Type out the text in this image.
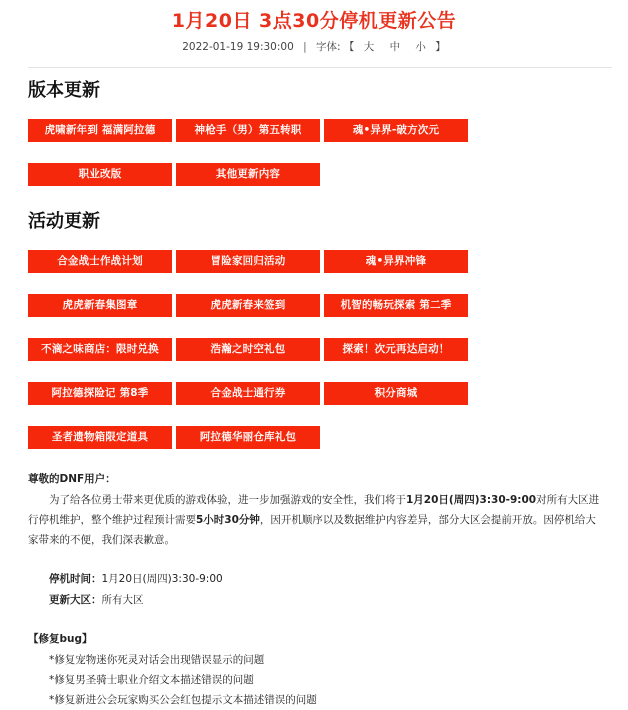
1月20日 3点30分停机更新公告
2022-01-19 19:30:00 | 字体: 【 大 中 小 】
版本更新
虎啸新年到 福满阿拉德	神枪手（男）第五转职	魂•异界-破方次元
职业改版	其他更新内容
活动更新
合金战士作战计划	冒险家回归活动	魂•异界冲锋
虎虎新春集图章	虎虎新春来签到	机智的畅玩探索 第二季
不滴之味商店：限时兑换	浩瀚之时空礼包	探索！次元再达启动！
阿拉德探险记 第8季	合金战士通行券	积分商城
圣者遗物箱限定道具	阿拉德华丽仓库礼包
尊敬的DNF用户：
为了给各位勇士带来更优质的游戏体验，进一步加强游戏的安全性，我们将于1月20日(周四)3:30-9:00对所有大区进行停机维护，整个维护过程预计需要5小时30分钟，因开机顺序以及数据维护内容差异，部分大区会提前开放。因停机给大家带来的不便，我们深表歉意。
停机时间：1月20日(周四)3:30-9:00
更新大区：所有大区
【修复bug】
*修复宠物迷你死灵对话会出现错误显示的问题
*修复男圣骑士职业介绍文本描述错误的问题
*修复新进公会玩家购买公会红包提示文本描述错误的问题
